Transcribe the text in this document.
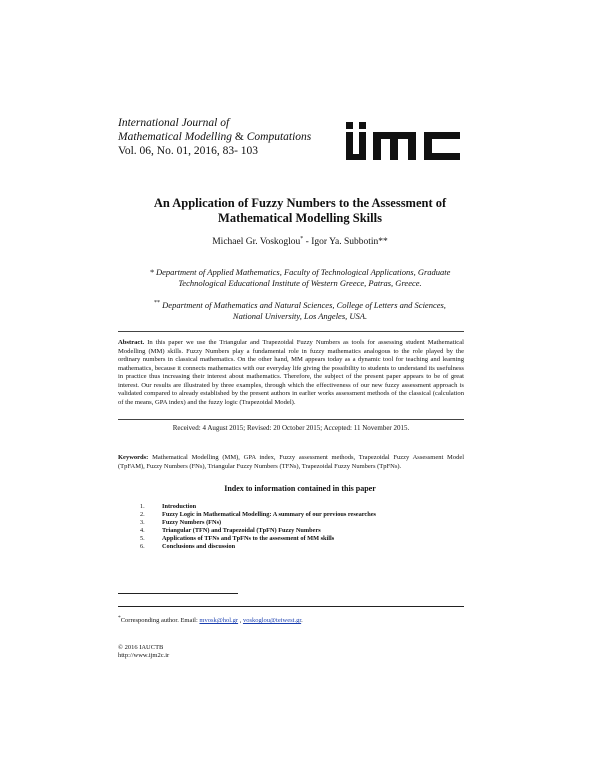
International Journal of
Mathematical Modelling & Computations
Vol. 06, No. 01, 2016, 83- 103
An Application of Fuzzy Numbers to the Assessment of
Mathematical Modelling Skills
Michael Gr. Voskoglou* - Igor Ya. Subbotin**
* Department of Applied Mathematics, Faculty of Technological Applications, Graduate
Technological Educational Institute of Western Greece, Patras, Greece.
** Department of Mathematics and Natural Sciences, College of Letters and Sciences,
National University, Los Angeles, USA.
Abstract. In this paper we use the Triangular and Trapezoidal Fuzzy Numbers as tools for assessing student Mathematical Modelling (MM) skills. Fuzzy Numbers play a fundamental role in fuzzy mathematics analogous to the role played by the ordinary numbers in classical mathematics. On the other hand, MM appears today as a dynamic tool for teaching and learning mathematics, because it connects mathematics with our everyday life giving the possibility to students to understand its usefulness in practice thus increasing their interest about mathematics. Therefore, the subject of the present paper appears to be of great interest. Our results are illustrated by three examples, through which the effectiveness of our new fuzzy assessment approach is validated compared to already established by the present authors in earlier works assessment methods of the classical (calculation of the means, GPA index) and the fuzzy logic (Trapezoidal Model).
Received: 4 August 2015; Revised: 20 October 2015; Accepted: 11 November 2015.
Keywords: Mathematical Modelling (MM), GPA index, Fuzzy assessment methods, Trapezoidal Fuzzy Assessment Model (TpFAM), Fuzzy Numbers (FNs), Triangular Fuzzy Numbers (TFNs), Trapezoidal Fuzzy Numbers (TpFNs).
Index to information contained in this paper
1.	Introduction
2.	Fuzzy Logic in Mathematical Modelling: A summary of our previous researches
3.	Fuzzy Numbers (FNs)
4.	Triangular (TFN) and Trapezoidal (TpFN) Fuzzy Numbers
5.	Applications of TFNs and TpFNs to the assessment of MM skills
6.	Conclusions and discussion
*Corresponding author. Email: mvosk@hol.gr , voskoglou@teiwest.gr.
© 2016 IAUCTB
http://www.ijm2c.ir
